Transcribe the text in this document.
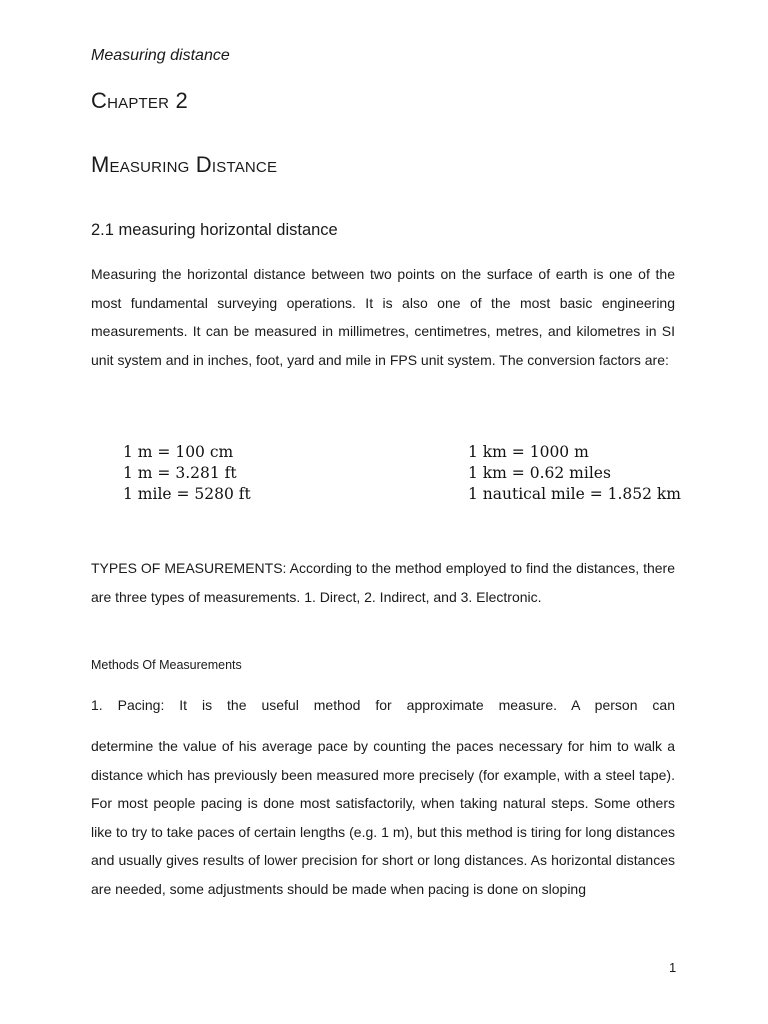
Measuring distance
Chapter 2
Measuring Distance
2.1 measuring horizontal distance

Measuring the horizontal distance between two points on the surface of earth is one of the most fundamental surveying operations. It is also one of the most basic engineering measurements. It can be measured in millimetres, centimetres, metres, and kilometres in SI unit system and in inches, foot, yard and mile in FPS unit system. The conversion factors are:

1 m = 100 cm
1 m = 3.281 ft
1 mile = 5280 ft
1 km = 1000 m
1 km = 0.62 miles
1 nautical mile = 1.852 km

TYPES OF MEASUREMENTS: According to the method employed to find the distances, there are three types of measurements. 1. Direct, 2. Indirect, and 3. Electronic.

Methods Of Measurements
1. Pacing: It is the useful method for approximate measure. A person can

determine the value of his average pace by counting the paces necessary for him to walk a distance which has previously been measured more precisely (for example, with a steel tape). For most people pacing is done most satisfactorily, when taking natural steps. Some others like to try to take paces of certain lengths (e.g. 1 m), but this method is tiring for long distances and usually gives results of lower precision for short or long distances. As horizontal distances are needed, some adjustments should be made when pacing is done on sloping

1
